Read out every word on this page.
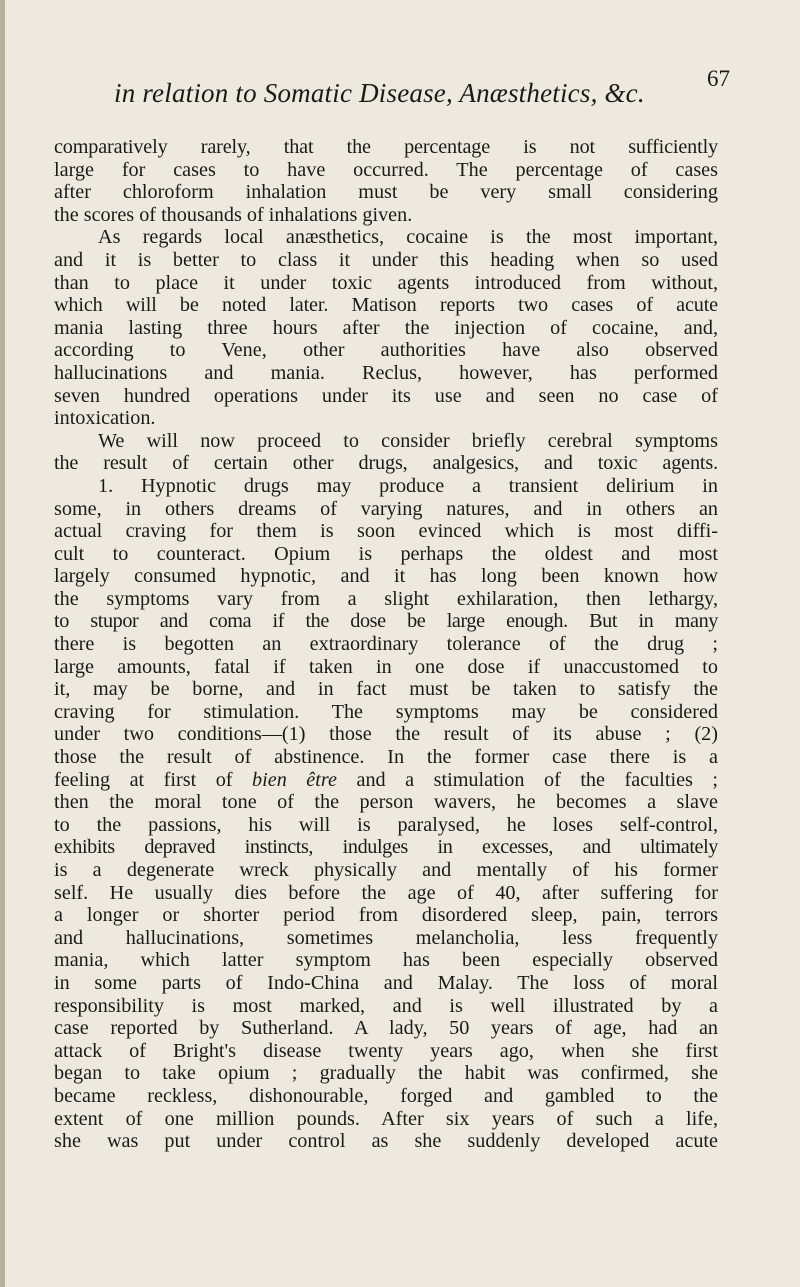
in relation to Somatic Disease, Anæsthetics, &c.	67
comparatively rarely, that the percentage is not sufficiently
large for cases to have occurred. The percentage of cases
after chloroform inhalation must be very small considering
the scores of thousands of inhalations given.
As regards local anæsthetics, cocaine is the most important,
and it is better to class it under this heading when so used
than to place it under toxic agents introduced from without,
which will be noted later. Matison reports two cases of acute
mania lasting three hours after the injection of cocaine, and,
according to Vene, other authorities have also observed
hallucinations and mania. Reclus, however, has performed
seven hundred operations under its use and seen no case of
intoxication.
We will now proceed to consider briefly cerebral symptoms
the result of certain other drugs, analgesics, and toxic agents.
1. Hypnotic drugs may produce a transient delirium in
some, in others dreams of varying natures, and in others an
actual craving for them is soon evinced which is most diffi-
cult to counteract. Opium is perhaps the oldest and most
largely consumed hypnotic, and it has long been known how
the symptoms vary from a slight exhilaration, then lethargy,
to stupor and coma if the dose be large enough. But in many
there is begotten an extraordinary tolerance of the drug ;
large amounts, fatal if taken in one dose if unaccustomed to
it, may be borne, and in fact must be taken to satisfy the
craving for stimulation. The symptoms may be considered
under two conditions—(1) those the result of its abuse ; (2)
those the result of abstinence. In the former case there is a
feeling at first of bien être and a stimulation of the faculties ;
then the moral tone of the person wavers, he becomes a slave
to the passions, his will is paralysed, he loses self-control,
exhibits depraved instincts, indulges in excesses, and ultimately
is a degenerate wreck physically and mentally of his former
self. He usually dies before the age of 40, after suffering for
a longer or shorter period from disordered sleep, pain, terrors
and hallucinations, sometimes melancholia, less frequently
mania, which latter symptom has been especially observed
in some parts of Indo-China and Malay. The loss of moral
responsibility is most marked, and is well illustrated by a
case reported by Sutherland. A lady, 50 years of age, had an
attack of Bright's disease twenty years ago, when she first
began to take opium ; gradually the habit was confirmed, she
became reckless, dishonourable, forged and gambled to the
extent of one million pounds. After six years of such a life,
she was put under control as she suddenly developed acute
